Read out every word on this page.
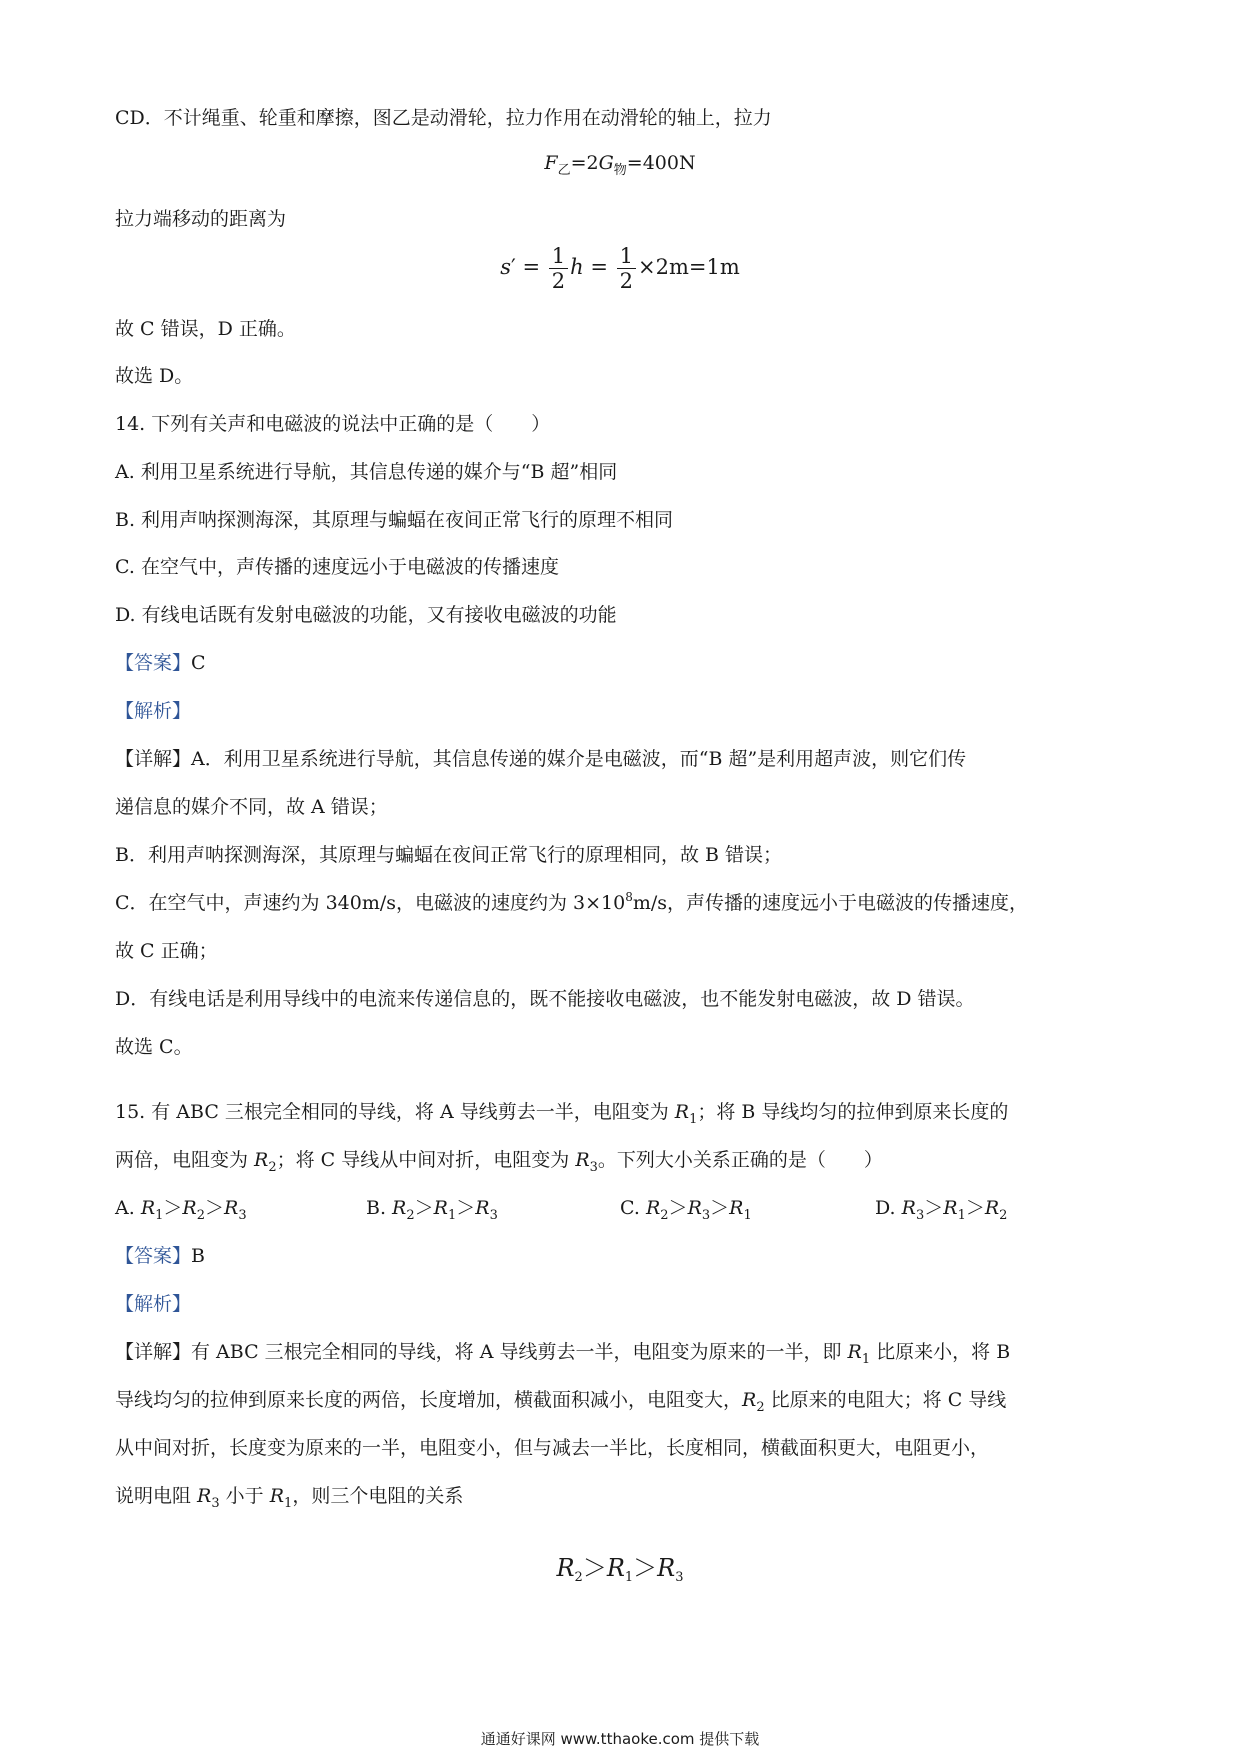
CD．不计绳重、轮重和摩擦，图乙是动滑轮，拉力作用在动滑轮的轴上，拉力
$F_乙=2G_物=400N$
拉力端移动的距离为
$s' = \frac{1}{2}$ $h = \frac{1}{2} \times 2m=1m$
故 C 错误，D 正确。
故选 D。
14. 下列有关声和电磁波的说法中正确的是（　　）
A. 利用卫星系统进行导航，其信息传递的媒介与“B 超”相同
B. 利用声呐探测海深，其原理与蝙蝠在夜间正常飞行的原理不相同
C. 在空气中，声传播的速度远小于电磁波的传播速度
D. 有线电话既有发射电磁波的功能，又有接收电磁波的功能
【答案】C
【解析】
【详解】A．利用卫星系统进行导航，其信息传递的媒介是电磁波，而“B 超”是利用超声波，则它们传
递信息的媒介不同，故 A 错误；
B．利用声呐探测海深，其原理与蝙蝠在夜间正常飞行的原理相同，故 B 错误；
C．在空气中，声速约为 340m/s，电磁波的速度约为 $3\times 10^8m/s$，声传播的速度远小于电磁波的传播速度，
故 C 正确；
D．有线电话是利用导线中的电流来传递信息的，既不能接收电磁波，也不能发射电磁波，故 D 错误。
故选 C。
15. 有 ABC 三根完全相同的导线，将 A 导线剪去一半，电阻变为 $R_1$；将 B 导线均匀的拉伸到原来长度的
两倍，电阻变为 $R_2$；将 C 导线从中间对折，电阻变为 $R_3$。下列大小关系正确的是（　　）
A. $R_1>R_2>R_3$	B. $R_2>R_1>R_3$	C. $R_2>R_3>R_1$	D. $R_3>R_1>R_2$
【答案】B
【解析】
【详解】有 ABC 三根完全相同的导线，将 A 导线剪去一半，电阻变为原来的一半，即 $R_1$ 比原来小，将 B
导线均匀的拉伸到原来长度的两倍，长度增加，横截面积减小，电阻变大，$R_2$ 比原来的电阻大；将 C 导线
从中间对折，长度变为原来的一半，电阻变小，但与减去一半比，长度相同，横截面积更大，电阻更小，
说明电阻 $R_3$ 小于 $R_1$，则三个电阻的关系
$R_2>R_1>R_3$
通通好课网 www.tthaoke.com 提供下载
